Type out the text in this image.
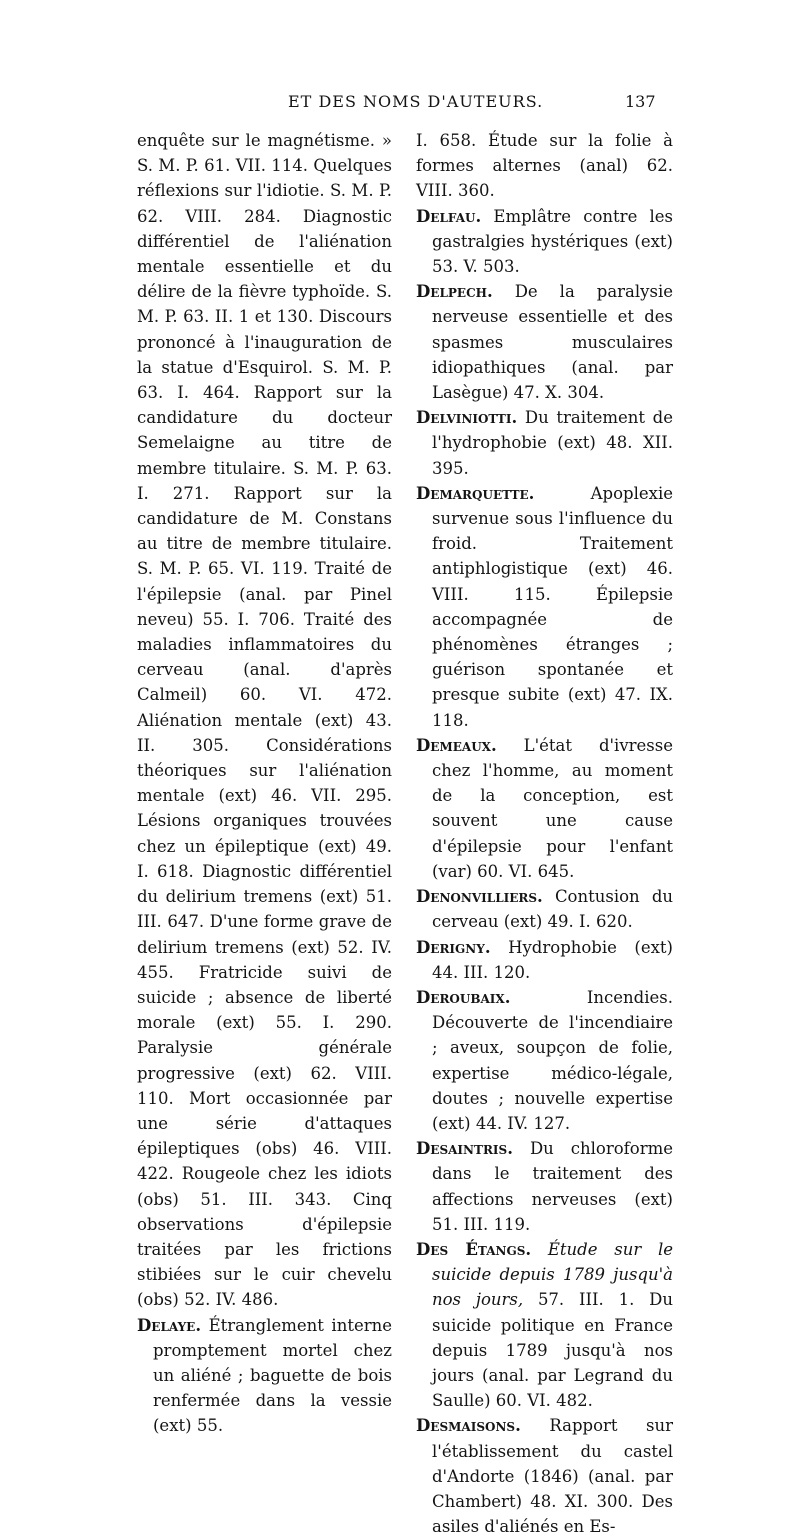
ET DES NOMS D'AUTEURS.	137

enquête sur le magnétisme. » S. M. P. 61. VII. 114. Quelques réflexions sur l'idiotie. S. M. P. 62. VIII. 284. Diagnostic différentiel de l'aliénation mentale essentielle et du délire de la fièvre typhoïde. S. M. P. 63. II. 1 et 130. Discours prononcé à l'inauguration de la statue d'Esquirol. S. M. P. 63. I. 464. Rapport sur la candidature du docteur Semelaigne au titre de membre titulaire. S. M. P. 63. I. 271. Rapport sur la candidature de M. Constans au titre de membre titulaire. S. M. P. 65. VI. 119. Traité de l'épilepsie (anal. par Pinel neveu) 55. I. 706. Traité des maladies inflammatoires du cerveau (anal. d'après Calmeil) 60. VI. 472. Aliénation mentale (ext) 43. II. 305. Considérations théoriques sur l'aliénation mentale (ext) 46. VII. 295. Lésions organiques trouvées chez un épileptique (ext) 49. I. 618. Diagnostic différentiel du delirium tremens (ext) 51. III. 647. D'une forme grave de delirium tremens (ext) 52. IV. 455. Fratricide suivi de suicide ; absence de liberté morale (ext) 55. I. 290. Paralysie générale progressive (ext) 62. VIII. 110. Mort occasionnée par une série d'attaques épileptiques (obs) 46. VIII. 422. Rougeole chez les idiots (obs) 51. III. 343. Cinq observations d'épilepsie traitées par les frictions stibiées sur le cuir chevelu (obs) 52. IV. 486.

Delaye. Étranglement interne promptement mortel chez un aliéné ; baguette de bois renfermée dans la vessie (ext) 55.

I. 658. Étude sur la folie à formes alternes (anal) 62. VIII. 360.

Delfau. Emplâtre contre les gastralgies hystériques (ext) 53. V. 503.

Delpech. De la paralysie nerveuse essentielle et des spasmes musculaires idiopathiques (anal. par Lasègue) 47. X. 304.

Delviniotti. Du traitement de l'hydrophobie (ext) 48. XII. 395.

Demarquette.	Apoplexie survenue sous l'influence du froid. Traitement antiphlogistique (ext) 46. VIII. 115. Épilepsie accompagnée de phénomènes étranges ; guérison spontanée et presque subite (ext) 47. IX. 118.

Demeaux. L'état d'ivresse chez l'homme, au moment de la conception, est souvent une cause d'épilepsie pour l'enfant (var) 60. VI. 645.

Denonvilliers. Contusion du cerveau (ext) 49. I. 620.

Derigny. Hydrophobie (ext) 44. III. 120.

Deroubaix.	Incendies. Découverte de l'incendiaire ; aveux, soupçon de folie, expertise médico-légale, doutes ; nouvelle expertise (ext) 44. IV. 127.

Desaintris. Du chloroforme dans le traitement des affections nerveuses (ext) 51. III. 119.

Des Étangs. Étude sur le suicide depuis 1789 jusqu'à nos jours, 57. III. 1. Du suicide politique en France depuis 1789 jusqu'à nos jours (anal. par Legrand du Saulle) 60. VI. 482.

Desmaisons. Rapport sur l'établissement du castel d'Andorte (1846) (anal. par Chambert) 48. XI. 300. Des asiles d'aliénés en Es-
